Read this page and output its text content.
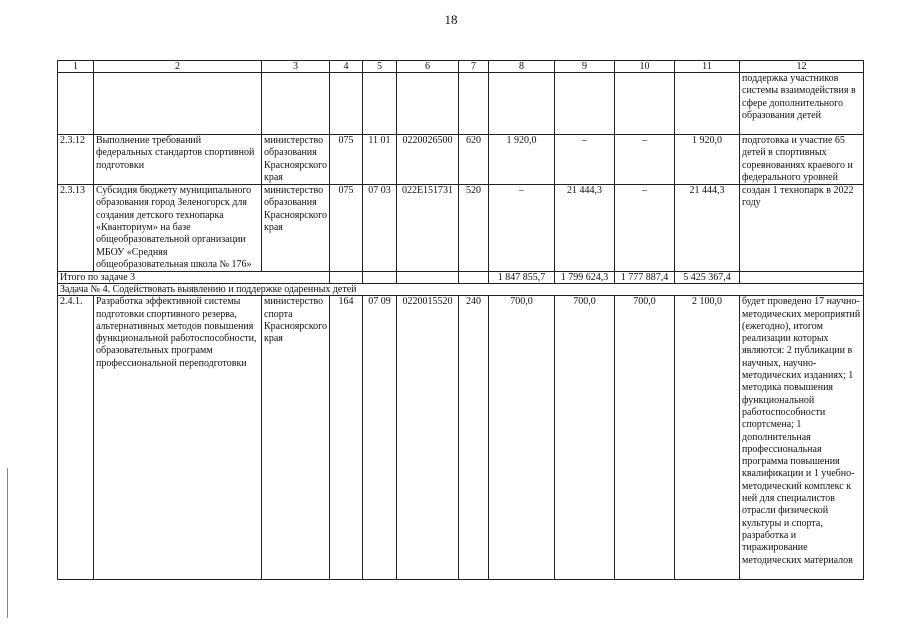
18
1	2	3	4	5	6	7	8	9	10	11	12
											поддержка участников системы взаимодействия в сфере дополнительного образования детей
2.3.12	Выполнение требований федеральных стандартов спортивной подготовки	министерство образования Красноярского края	075	11 01	0220026500	620	1 920,0	–	–	1 920,0	подготовка и участие 65 детей в спортивных соревнованиях краевого и федерального уровней
2.3.13	Субсидия бюджету муниципального образования город Зеленогорск для создания детского технопарка «Кванториум» на базе общеобразовательной организации МБОУ «Средняя общеобразовательная школа № 176»	министерство образования Красноярского края	075	07 03	022E151731	520	–	21 444,3	–	21 444,3	создан 1 технопарк в 2022 году
Итого по задаче 3							1 847 855,7	1 799 624,3	1 777 887,4	5 425 367,4	
Задача № 4. Содействовать выявлению и поддержке одаренных детей											
2.4.1.	Разработка эффективной системы подготовки спортивного резерва, альтернативных методов повышения функциональной работоспособности, образовательных программ профессиональной переподготовки	министерство спорта Красноярского края	164	07 09	0220015520	240	700,0	700,0	700,0	2 100,0	будет проведено 17 научно-методических мероприятий (ежегодно), итогом реализации которых являются: 2 публикации в научных, научно-методических изданиях; 1 методика повышения функциональной работоспособности спортсмена; 1 дополнительная профессиональная программа повышения квалификации и 1 учебно-методический комплекс к ней для специалистов отрасли физической культуры и спорта, разработка и тиражирование методических материалов
